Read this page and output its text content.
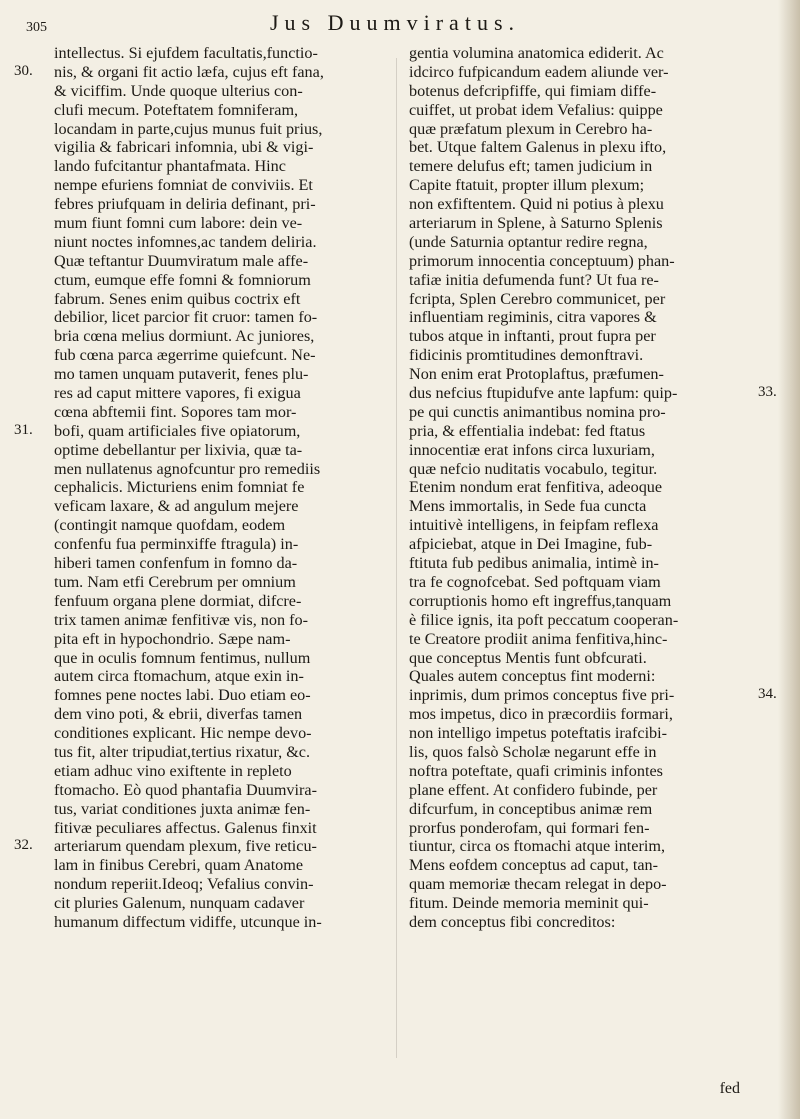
305	Jus Duumviratus.
30.
31.
32.
33.
34.
intellectus. Si ejufdem facultatis,functio-
nis, & organi fit actio læfa, cujus eft fana,
& viciffim. Unde quoque ulterius con-
clufi mecum. Poteftatem fomniferam,
locandam in parte,cujus munus fuit prius,
vigilia & fabricari infomnia, ubi & vigi-
lando fufcitantur phantafmata. Hinc
nempe efuriens fomniat de conviviis. Et
febres priufquam in deliria definant, pri-
mum fiunt fomni cum labore: dein ve-
niunt noctes infomnes,ac tandem deliria.
Quæ teftantur Duumviratum male affe-
ctum, eumque effe fomni & fomniorum
fabrum. Senes enim quibus coctrix eft
debilior, licet parcior fit cruor: tamen fo-
bria cœna melius dormiunt. Ac juniores,
fub cœna parca ægerrime quiefcunt. Ne-
mo tamen unquam putaverit, fenes plu-
res ad caput mittere vapores, fi exigua
cœna abftemii fint. Sopores tam mor-
bofi, quam artificiales five opiatorum,
optime debellantur per lixivia, quæ ta-
men nullatenus agnofcuntur pro remediis
cephalicis. Micturiens enim fomniat fe
veficam laxare, & ad angulum mejere
(contingit namque quofdam, eodem
confenfu fua perminxiffe ftragula) in-
hiberi tamen confenfum in fomno da-
tum. Nam etfi Cerebrum per omnium
fenfuum organa plene dormiat, difcre-
trix tamen animæ fenfitivæ vis, non fo-
pita eft in hypochondrio. Sæpe nam-
que in oculis fomnum fentimus, nullum
autem circa ftomachum, atque exin in-
fomnes pene noctes labi. Duo etiam eo-
dem vino poti, & ebrii, diverfas tamen
conditiones explicant. Hic nempe devo-
tus fit, alter tripudiat,tertius rixatur, &c.
etiam adhuc vino exiftente in repleto
ftomacho. Eò quod phantafia Duumvira-
tus, variat conditiones juxta animæ fen-
fitivæ peculiares affectus. Galenus finxit
arteriarum quendam plexum, five reticu-
lam in finibus Cerebri, quam Anatome
nondum reperiit.Ideoq; Vefalius convin-
cit pluries Galenum, nunquam cadaver
humanum diffectum vidiffe, utcunque in-
gentia volumina anatomica ediderit. Ac
idcirco fufpicandum eadem aliunde ver-
botenus defcripfiffe, qui fimiam diffe-
cuiffet, ut probat idem Vefalius: quippe
quæ præfatum plexum in Cerebro ha-
bet. Utque faltem Galenus in plexu ifto,
temere delufus eft; tamen judicium in
Capite ftatuit, propter illum plexum;
non exfiftentem. Quid ni potius à plexu
arteriarum in Splene, à Saturno Splenis
(unde Saturnia optantur redire regna,
primorum innocentia conceptuum) phan-
tafiæ initia defumenda funt? Ut fua re-
fcripta, Splen Cerebro communicet, per
influentiam regiminis, citra vapores &
tubos atque in inftanti, prout fupra per
fidicinis promtitudines demonftravi.
Non enim erat Protoplaftus, præfumen-
dus nefcius ftupidufve ante lapfum: quip-
pe qui cunctis animantibus nomina pro-
pria, & effentialia indebat: fed ftatus
innocentiæ erat infons circa luxuriam,
quæ nefcio nuditatis vocabulo, tegitur.
Etenim nondum erat fenfitiva, adeoque
Mens immortalis, in Sede fua cuncta
intuitivè intelligens, in feipfam reflexa
afpiciebat, atque in Dei Imagine, fub-
ftituta fub pedibus animalia, intimè in-
tra fe cognofcebat. Sed poftquam viam
corruptionis homo eft ingreffus,tanquam
è filice ignis, ita poft peccatum cooperan-
te Creatore prodiit anima fenfitiva,hinc-
que conceptus Mentis funt obfcurati.
Quales autem conceptus fint moderni:
inprimis, dum primos conceptus five pri-
mos impetus, dico in præcordiis formari,
non intelligo impetus poteftatis irafcibi-
lis, quos falsò Scholæ negarunt effe in
noftra poteftate, quafi criminis infontes
plane effent. At confidero fubinde, per
difcurfum, in conceptibus animæ rem
prorfus ponderofam, qui formari fen-
tiuntur, circa os ftomachi atque interim,
Mens eofdem conceptus ad caput, tan-
quam memoriæ thecam relegat in depo-
fitum. Deinde memoria meminit qui-
dem conceptus fibi concreditos:
fed
